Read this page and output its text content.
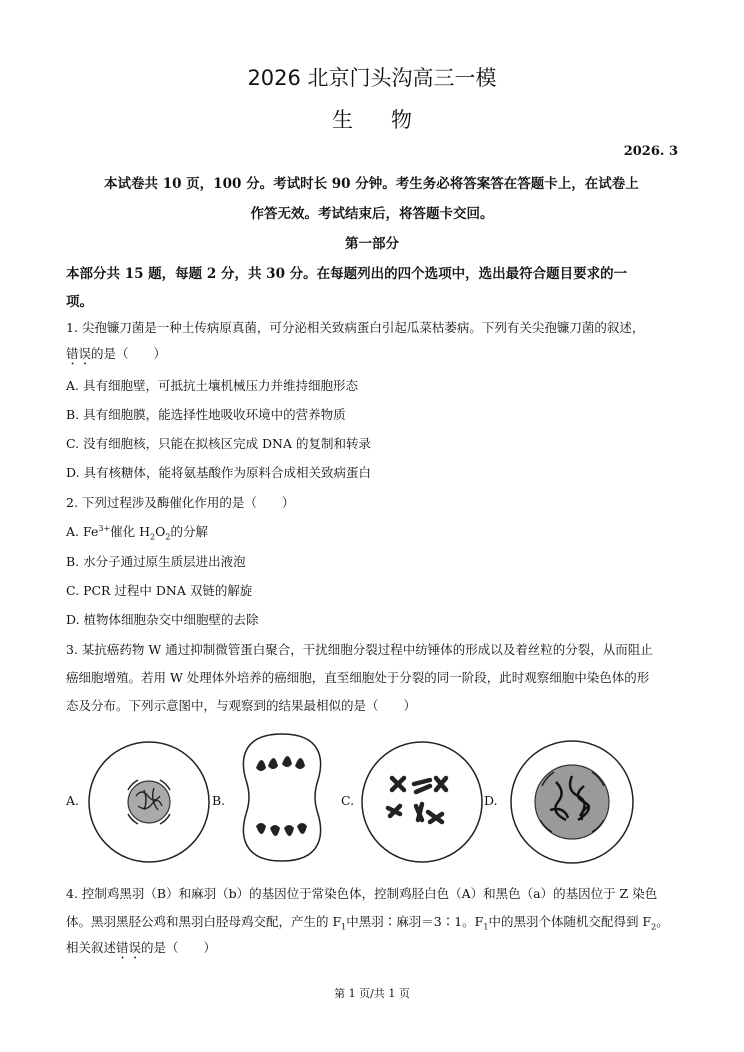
2026 北京门头沟高三一模
生物
2026. 3
本试卷共 10 页，100 分。考试时长 90 分钟。考生务必将答案答在答题卡上，在试卷上
作答无效。考试结束后，将答题卡交回。
第一部分
本部分共 15 题，每题 2 分，共 30 分。在每题列出的四个选项中，选出最符合题目要求的一
项。
1. 尖孢镰刀菌是一种土传病原真菌，可分泌相关致病蛋白引起瓜菜枯萎病。下列有关尖孢镰刀菌的叙述，
错误的是（　　）
A. 具有细胞壁，可抵抗土壤机械压力并维持细胞形态
B. 具有细胞膜，能选择性地吸收环境中的营养物质
C. 没有细胞核，只能在拟核区完成 DNA 的复制和转录
D. 具有核糖体，能将氨基酸作为原料合成相关致病蛋白
2. 下列过程涉及酶催化作用的是（　　）
A. $Fe^{3+}$催化 $H_2O_2$的分解
B. 水分子通过原生质层进出液泡
C. PCR 过程中 DNA 双链的解旋
D. 植物体细胞杂交中细胞壁的去除
3. 某抗癌药物 W 通过抑制微管蛋白聚合，干扰细胞分裂过程中纺锤体的形成以及着丝粒的分裂，从而阻止
癌细胞增殖。若用 W 处理体外培养的癌细胞，直至细胞处于分裂的同一阶段，此时观察细胞中染色体的形
态及分布。下列示意图中，与观察到的结果最相似的是（　　）
A.	B.	C.	D.
4. 控制鸡黑羽（B）和麻羽（b）的基因位于常染色体，控制鸡胫白色（A）和黑色（a）的基因位于 Z 染色
体。黑羽黑胫公鸡和黑羽白胫母鸡交配，产生的 $F_1$中黑羽∶麻羽＝3∶1。$F_1$中的黑羽个体随机交配得到 $F_2$。
相关叙述错误的是（　　）
第 1 页/共 1 页
